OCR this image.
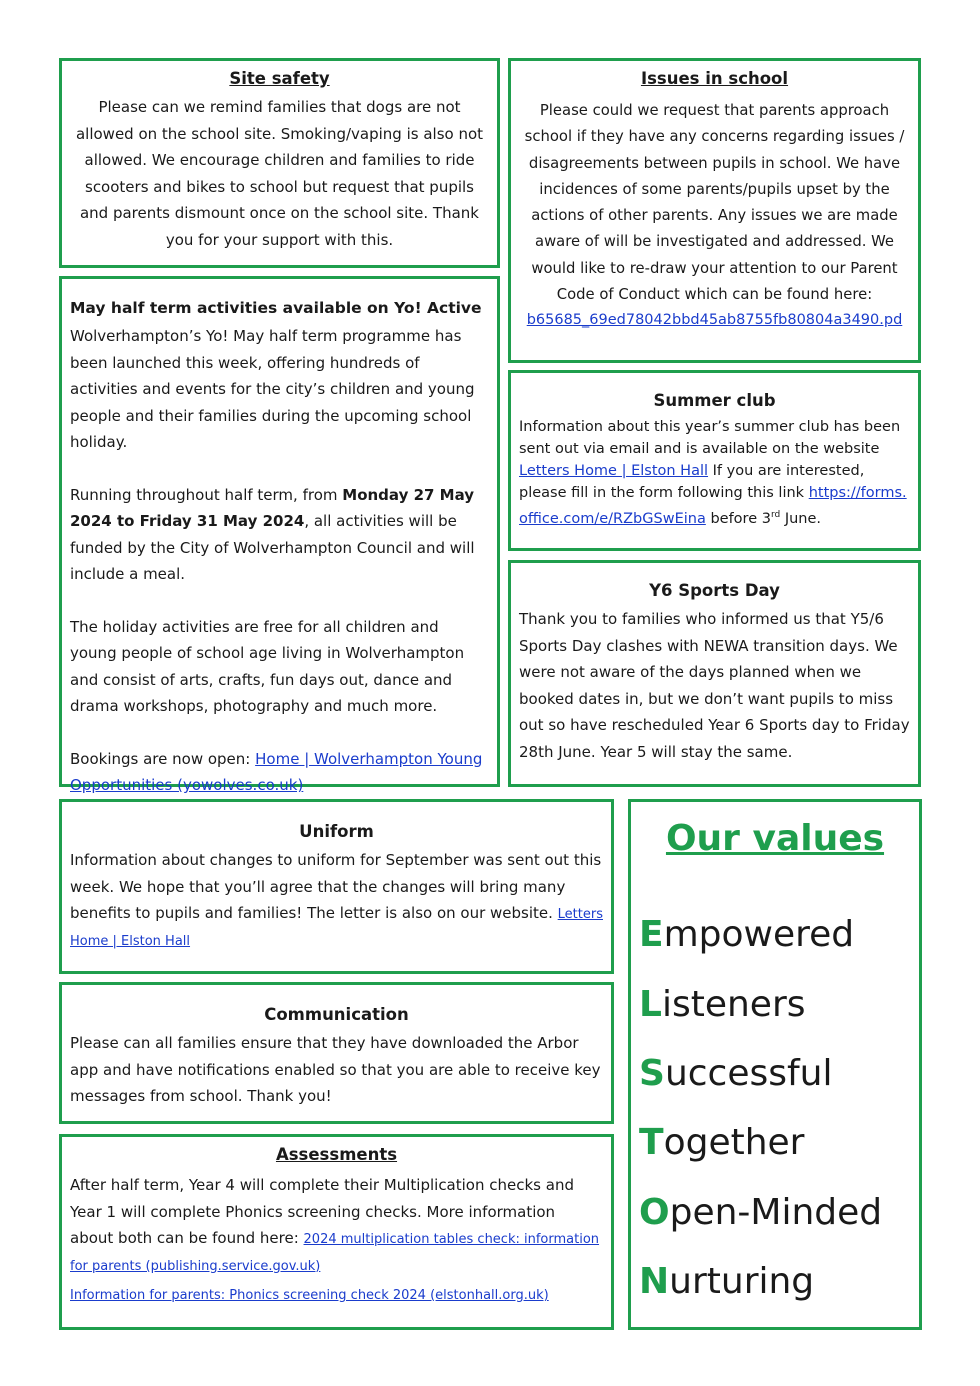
Site safety

Please can we remind families that dogs are not allowed on the school site. Smoking/vaping is also not allowed. We encourage children and families to ride scooters and bikes to school but request that pupils and parents dismount once on the school site. Thank you for your support with this.

Issues in school

Please could we request that parents approach school if they have any concerns regarding issues / disagreements between pupils in school. We have incidences of some parents/pupils upset by the actions of other parents. Any issues we are made aware of will be investigated and addressed. We would like to re-draw your attention to our Parent Code of Conduct which can be found here:

b65685_69ed78042bbd45ab8755fb80804a3490.pd

May half term activities available on Yo! Active

Wolverhampton’s Yo! May half term programme has been launched this week, offering hundreds of activities and events for the city’s children and young people and their families during the upcoming school holiday.

Running throughout half term, from Monday 27 May 2024 to Friday 31 May 2024, all activities will be funded by the City of Wolverhampton Council and will include a meal.

The holiday activities are free for all children and young people of school age living in Wolverhampton and consist of arts, crafts, fun days out, dance and drama workshops, photography and much more.

Bookings are now open: Home | Wolverhampton Young Opportunities (yowolves.co.uk)

Summer club

Information about this year’s summer club has been sent out via email and is available on the website Letters Home | Elston Hall If you are interested, please fill in the form following this link https://forms.office.com/e/RZbGSwEina before 3rd June.

Y6 Sports Day

Thank you to families who informed us that Y5/6 Sports Day clashes with NEWA transition days. We were not aware of the days planned when we booked dates in, but we don’t want pupils to miss out so have rescheduled Year 6 Sports day to Friday 28th June. Year 5 will stay the same.

Uniform

Information about changes to uniform for September was sent out this week. We hope that you’ll agree that the changes will bring many benefits to pupils and families! The letter is also on our website. Letters Home | Elston Hall

Communication

Please can all families ensure that they have downloaded the Arbor app and have notifications enabled so that you are able to receive key messages from school. Thank you!

Assessments

After half term, Year 4 will complete their Multiplication checks and Year 1 will complete Phonics screening checks. More information about both can be found here: 2024 multiplication tables check: information for parents (publishing.service.gov.uk)

Information for parents: Phonics screening check 2024 (elstonhall.org.uk)

Our values
Empowered
Listeners
Successful
Together
Open-Minded
Nurturing
